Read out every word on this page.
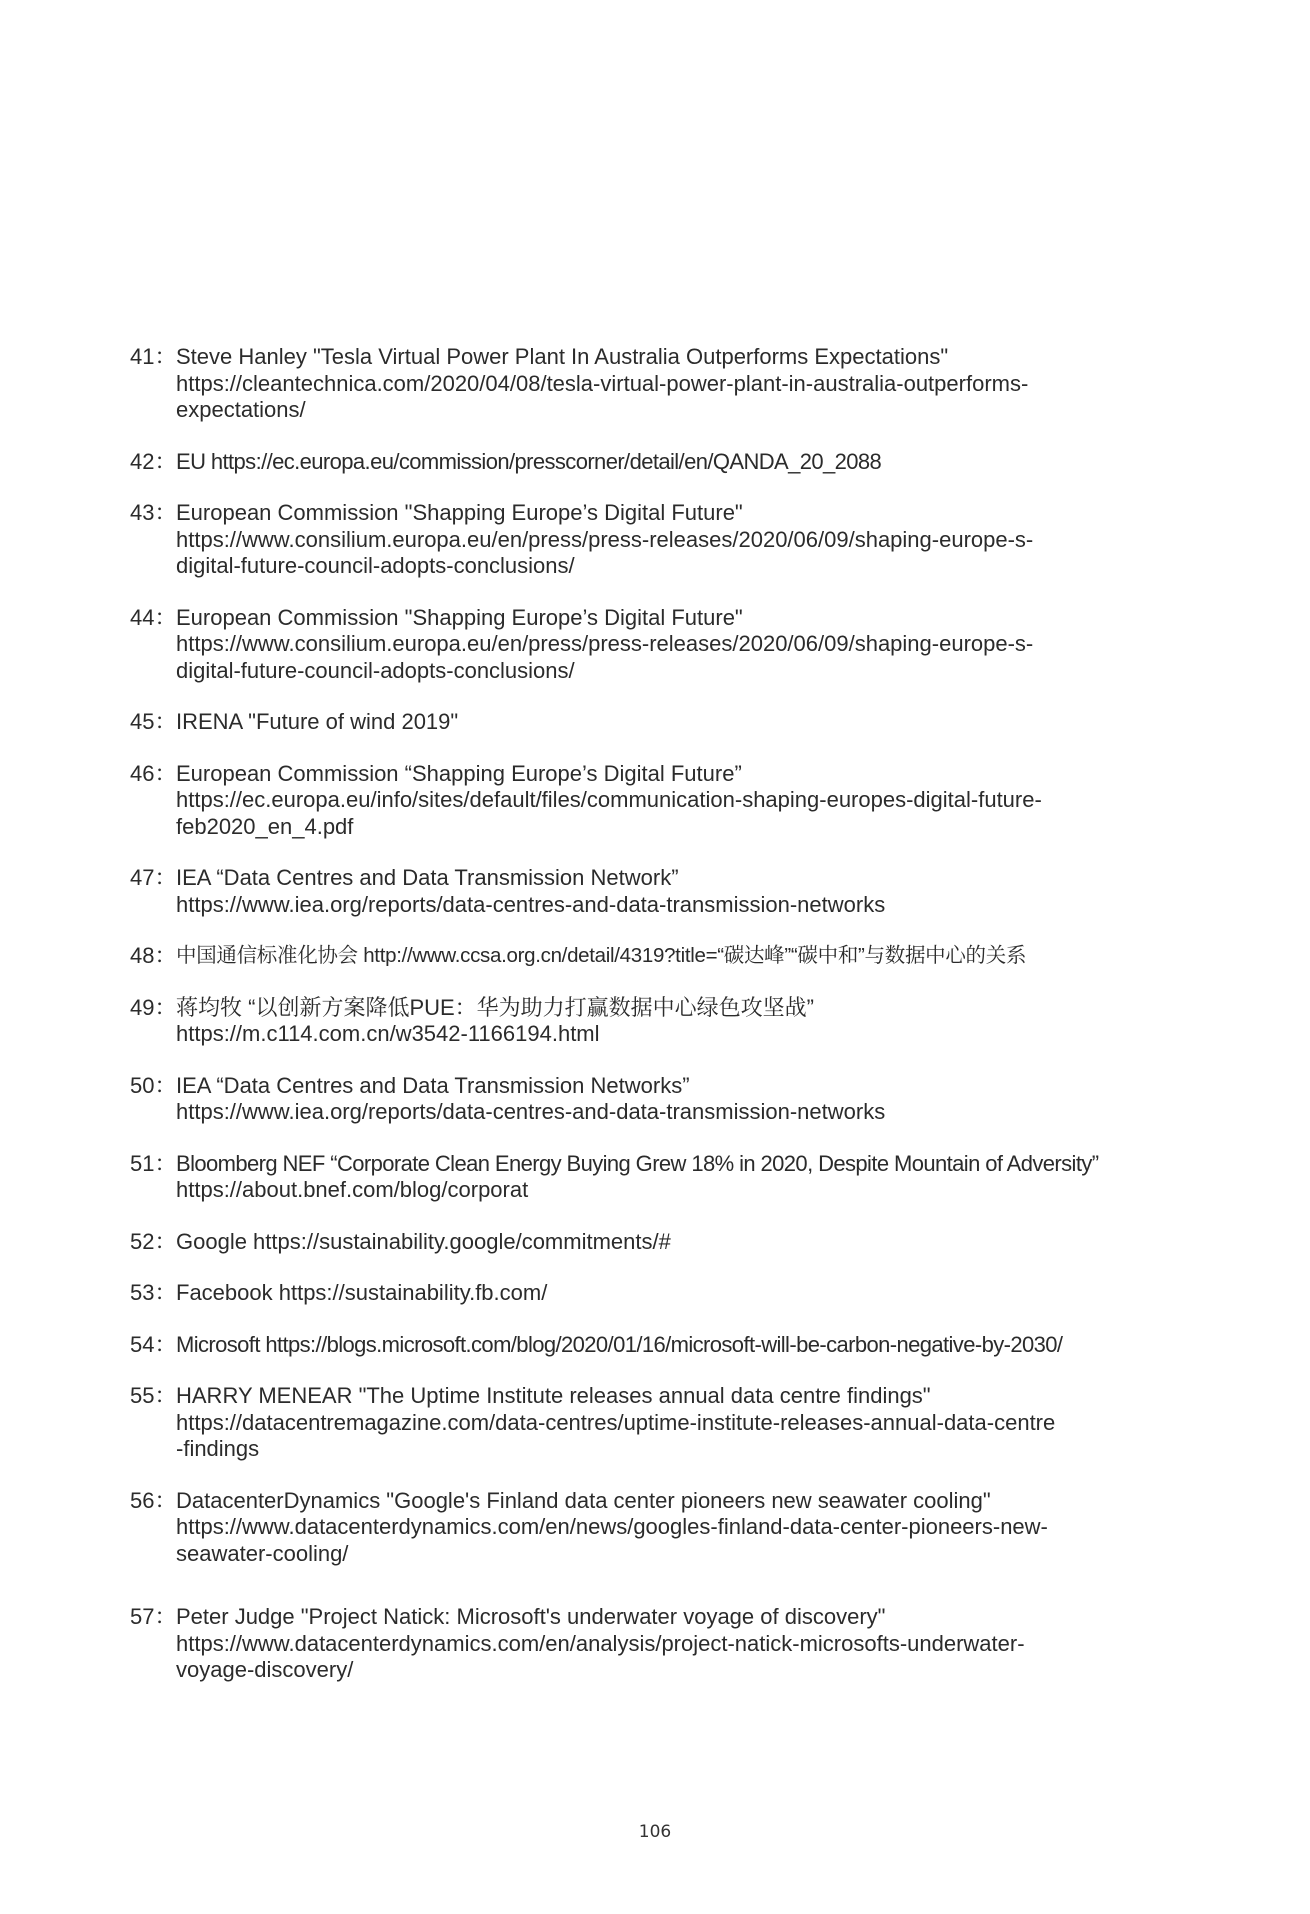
41： Steve Hanley "Tesla Virtual Power Plant In Australia Outperforms Expectations"
https://cleantechnica.com/2020/04/08/tesla-virtual-power-plant-in-australia-outperforms-
expectations/
42： EU https://ec.europa.eu/commission/presscorner/detail/en/QANDA_20_2088
43： European Commission "Shapping Europe’s Digital Future"
https://www.consilium.europa.eu/en/press/press-releases/2020/06/09/shaping-europe-s-
digital-future-council-adopts-conclusions/
44： European Commission "Shapping Europe’s Digital Future"
https://www.consilium.europa.eu/en/press/press-releases/2020/06/09/shaping-europe-s-
digital-future-council-adopts-conclusions/
45： IRENA "Future of wind 2019"
46： European Commission “Shapping Europe’s Digital Future”
https://ec.europa.eu/info/sites/default/files/communication-shaping-europes-digital-future-
feb2020_en_4.pdf
47： IEA “Data Centres and Data Transmission Network”
https://www.iea.org/reports/data-centres-and-data-transmission-networks
48： 中国通信标准化协会 http://www.ccsa.org.cn/detail/4319?title=“碳达峰”“碳中和”与数据中心的关系
49： 蒋均牧 “以创新方案降低PUE：华为助力打赢数据中心绿色攻坚战”
https://m.c114.com.cn/w3542-1166194.html
50： IEA “Data Centres and Data Transmission Networks”
https://www.iea.org/reports/data-centres-and-data-transmission-networks
51： Bloomberg NEF “Corporate Clean Energy Buying Grew 18% in 2020, Despite Mountain of Adversity”
https://about.bnef.com/blog/corporat
52： Google https://sustainability.google/commitments/#
53： Facebook https://sustainability.fb.com/
54： Microsoft https://blogs.microsoft.com/blog/2020/01/16/microsoft-will-be-carbon-negative-by-2030/
55： HARRY MENEAR "The Uptime Institute releases annual data centre findings"
https://datacentremagazine.com/data-centres/uptime-institute-releases-annual-data-centre
-findings
56： DatacenterDynamics "Google's Finland data center pioneers new seawater cooling"
https://www.datacenterdynamics.com/en/news/googles-finland-data-center-pioneers-new-
seawater-cooling/
57： Peter Judge "Project Natick: Microsoft's underwater voyage of discovery"
https://www.datacenterdynamics.com/en/analysis/project-natick-microsofts-underwater-
voyage-discovery/
106
